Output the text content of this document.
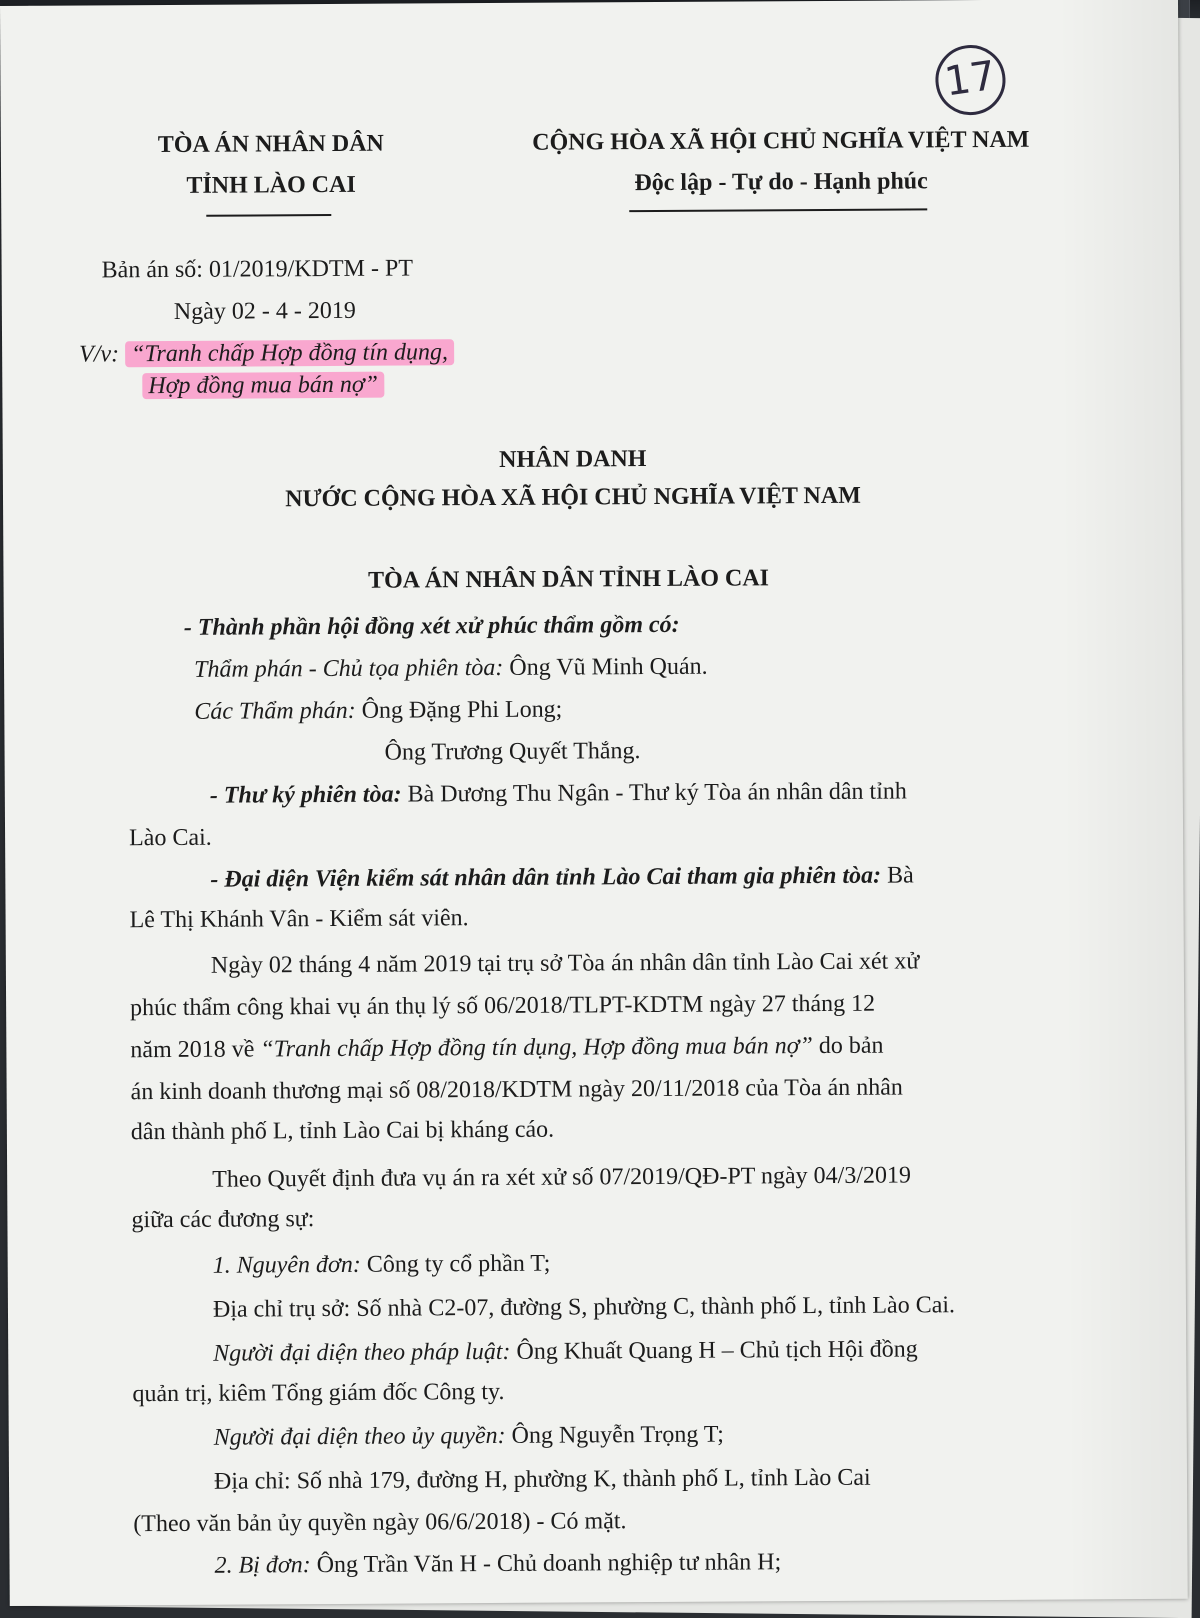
17
TÒA ÁN NHÂN DÂN
TỈNH LÀO CAI
CỘNG HÒA XÃ HỘI CHỦ NGHĨA VIỆT NAM
Độc lập - Tự do - Hạnh phúc
Bản án số: 01/2019/KDTM - PT
Ngày 02 - 4 - 2019
V/v: “Tranh chấp Hợp đồng tín dụng,
Hợp đồng mua bán nợ”
NHÂN DANH
NƯỚC CỘNG HÒA XÃ HỘI CHỦ NGHĨA VIỆT NAM
TÒA ÁN NHÂN DÂN TỈNH LÀO CAI
- Thành phần hội đồng xét xử phúc thẩm gồm có:
Thẩm phán - Chủ tọa phiên tòa: Ông Vũ Minh Quán.
Các Thẩm phán: Ông Đặng Phi Long;
Ông Trương Quyết Thắng.
- Thư ký phiên tòa: Bà Dương Thu Ngân - Thư ký Tòa án nhân dân tỉnh
Lào Cai.
- Đại diện Viện kiểm sát nhân dân tỉnh Lào Cai tham gia phiên tòa: Bà
Lê Thị Khánh Vân - Kiểm sát viên.
Ngày 02 tháng 4 năm 2019 tại trụ sở Tòa án nhân dân tỉnh Lào Cai xét xử
phúc thẩm công khai vụ án thụ lý số 06/2018/TLPT-KDTM ngày 27 tháng 12
năm 2018 về “Tranh chấp Hợp đồng tín dụng, Hợp đồng mua bán nợ” do bản
án kinh doanh thương mại số 08/2018/KDTM ngày 20/11/2018 của Tòa án nhân
dân thành phố L, tỉnh Lào Cai bị kháng cáo.
Theo Quyết định đưa vụ án ra xét xử số 07/2019/QĐ-PT ngày 04/3/2019
giữa các đương sự:
1. Nguyên đơn: Công ty cổ phần T;
Địa chỉ trụ sở: Số nhà C2-07, đường S, phường C, thành phố L, tỉnh Lào Cai.
Người đại diện theo pháp luật: Ông Khuất Quang H – Chủ tịch Hội đồng
quản trị, kiêm Tổng giám đốc Công ty.
Người đại diện theo ủy quyền: Ông Nguyễn Trọng T;
Địa chỉ: Số nhà 179, đường H, phường K, thành phố L, tỉnh Lào Cai
(Theo văn bản ủy quyền ngày 06/6/2018) - Có mặt.
2. Bị đơn: Ông Trần Văn H - Chủ doanh nghiệp tư nhân H;
